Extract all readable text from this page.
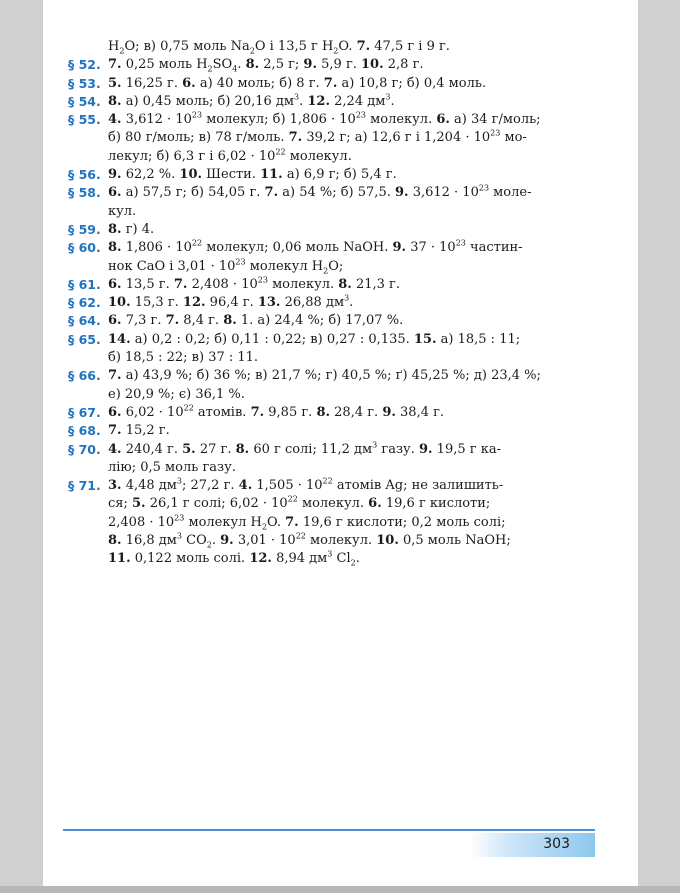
$H_2O$; в) 0,75 моль $Na_2O$ і 13,5 г $H_2O$. 7. 47,5 г і 9 г.
§ 52. 7. 0,25 моль $H_2SO_4$. 8. 2,5 г; 9. 5,9 г. 10. 2,8 г.
§ 53. 5. 16,25 г. 6. а) 40 моль; б) 8 г. 7. а) 10,8 г; б) 0,4 моль.
§ 54. 8. а) 0,45 моль; б) 20,16 $дм^3$. 12. 2,24 $дм^3$.
§ 55. 4. $3,612 \cdot 10^{23}$ молекул; б) $1,806 \cdot 10^{23}$ молекул. 6. а) 34 г/моль;
б) 80 г/моль; в) 78 г/моль. 7. 39,2 г; а) 12,6 г і $1,204 \cdot 10^{23}$ мо-
лекул; б) 6,3 г і $6,02 \cdot 10^{22}$ молекул.
§ 56. 9. 62,2 %. 10. Шести. 11. а) 6,9 г; б) 5,4 г.
§ 58. 6. а) 57,5 г; б) 54,05 г. 7. а) 54 %; б) 57,5. 9. $3,612 \cdot 10^{23}$ моле-
кул.
§ 59. 8. г) 4.
§ 60. 8. $1,806 \cdot 10^{22}$ молекул; 0,06 моль NaOH. 9. $37 \cdot 10^{23}$ частин-
нок CaO і $3,01 \cdot 10^{23}$ молекул $H_2O$;
§ 61. 6. 13,5 г. 7. $2,408 \cdot 10^{23}$ молекул. 8. 21,3 г.
§ 62. 10. 15,3 г. 12. 96,4 г. 13. 26,88 $дм^3$.
§ 64. 6. 7,3 г. 7. 8,4 г. 8. 1. а) 24,4 %; б) 17,07 %.
§ 65. 14. а) 0,2 : 0,2; б) 0,11 : 0,22; в) 0,27 : 0,135. 15. а) 18,5 : 11;
б) 18,5 : 22; в) 37 : 11.
§ 66. 7. а) 43,9 %; б) 36 %; в) 21,7 %; г) 40,5 %; ґ) 45,25 %; д) 23,4 %;
е) 20,9 %; є) 36,1 %.
§ 67. 6. $6,02 \cdot 10^{22}$ атомів. 7. 9,85 г. 8. 28,4 г. 9. 38,4 г.
§ 68. 7. 15,2 г.
§ 70. 4. 240,4 г. 5. 27 г. 8. 60 г солі; 11,2 $дм^3$ газу. 9. 19,5 г ка-
лію; 0,5 моль газу.
§ 71. 3. 4,48 $дм^3$; 27,2 г. 4. $1,505 \cdot 10^{22}$ атомів Ag; не залишить-
ся; 5. 26,1 г солі; $6,02 \cdot 10^{22}$ молекул. 6. 19,6 г кислоти;
$2,408 \cdot 10^{23}$ молекул $H_2O$. 7. 19,6 г кислоти; 0,2 моль солі;
8. 16,8 $дм^3$ $CO_2$. 9. $3,01 \cdot 10^{22}$ молекул. 10. 0,5 моль NaOH;
11. 0,122 моль солі. 12. 8,94 $дм^3$ $Cl_2$.
303
